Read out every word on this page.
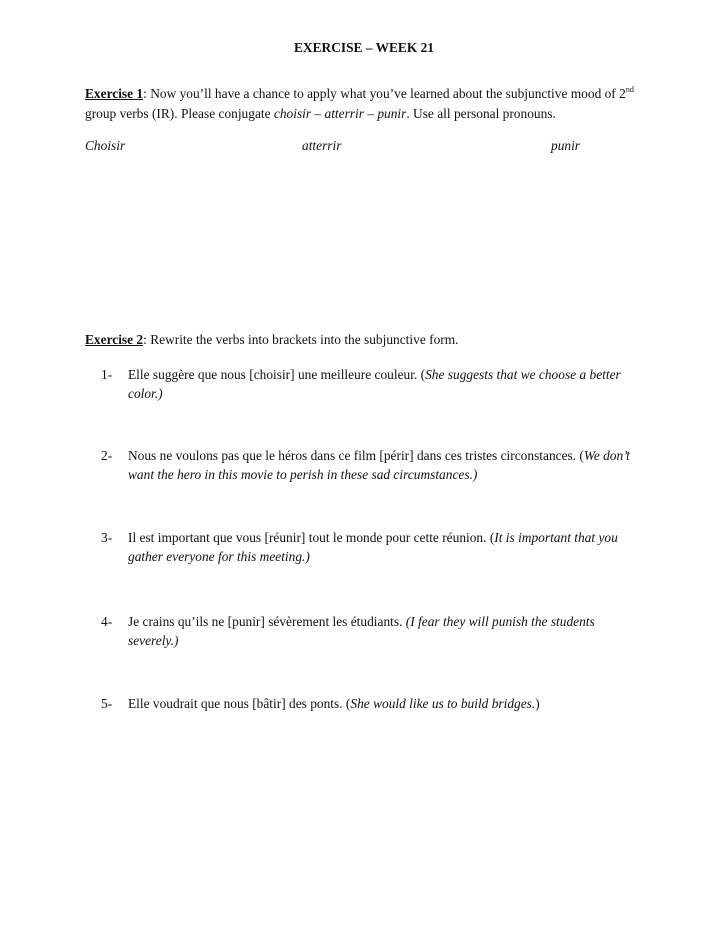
EXERCISE – WEEK 21
Exercise 1: Now you’ll have a chance to apply what you’ve learned about the subjunctive mood of 2nd group verbs (IR). Please conjugate choisir – atterrir – punir. Use all personal pronouns.
Choisir	atterrir	punir
Exercise 2: Rewrite the verbs into brackets into the subjunctive form.
1-	Elle suggère que nous [choisir] une meilleure couleur. (She suggests that we choose a better color.)
2-	Nous ne voulons pas que le héros dans ce film [périr] dans ces tristes circonstances. (We don’t want the hero in this movie to perish in these sad circumstances.)
3-	Il est important que vous [réunir] tout le monde pour cette réunion. (It is important that you gather everyone for this meeting.)
4-	Je crains qu’ils ne [punir] sévèrement les étudiants. (I fear they will punish the students severely.)
5-	Elle voudrait que nous [bâtir] des ponts. (She would like us to build bridges.)
